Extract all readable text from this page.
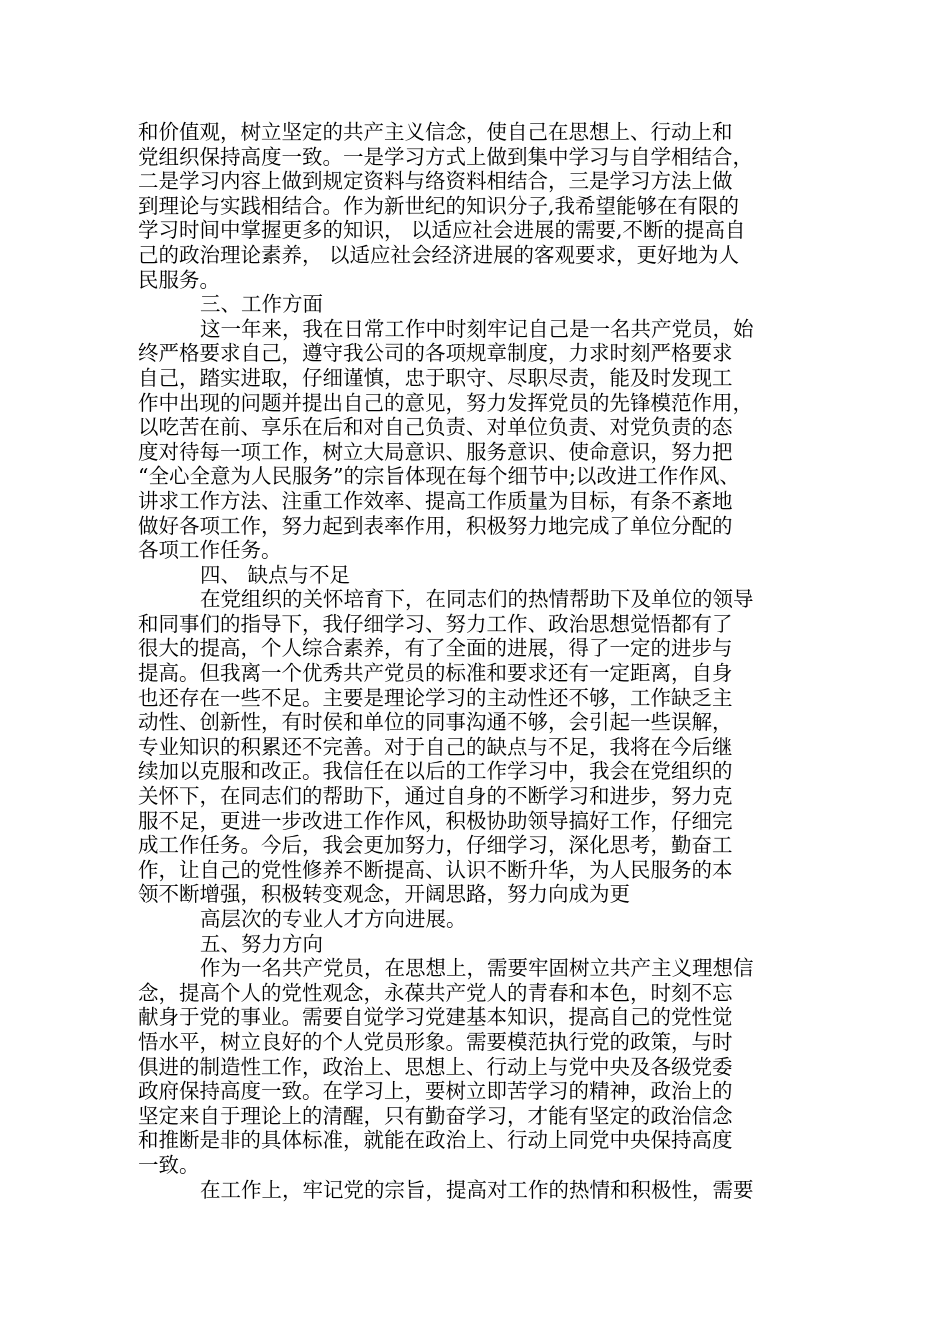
和价值观，树立坚定的共产主义信念，使自己在思想上、行动上和
党组织保持高度一致。一是学习方式上做到集中学习与自学相结合，
二是学习内容上做到规定资料与络资料相结合，三是学习方法上做
到理论与实践相结合。作为新世纪的知识分子,我希望能够在有限的
学习时间中掌握更多的知识， 以适应社会进展的需要,不断的提高自
己的政治理论素养， 以适应社会经济进展的客观要求，更好地为人
民服务。
三、工作方面
这一年来，我在日常工作中时刻牢记自己是一名共产党员，始
终严格要求自己，遵守我公司的各项规章制度，力求时刻严格要求
自己，踏实进取，仔细谨慎，忠于职守、尽职尽责，能及时发现工
作中出现的问题并提出自己的意见，努力发挥党员的先锋模范作用，
以吃苦在前、享乐在后和对自己负责、对单位负责、对党负责的态
度对待每一项工作，树立大局意识、服务意识、使命意识，努力把
“全心全意为人民服务”的宗旨体现在每个细节中;以改进工作作风、
讲求工作方法、注重工作效率、提高工作质量为目标，有条不紊地
做好各项工作，努力起到表率作用，积极努力地完成了单位分配的
各项工作任务。
四、 缺点与不足
在党组织的关怀培育下，在同志们的热情帮助下及单位的领导
和同事们的指导下，我仔细学习、努力工作、政治思想觉悟都有了
很大的提高，个人综合素养，有了全面的进展，得了一定的进步与
提高。但我离一个优秀共产党员的标准和要求还有一定距离，自身
也还存在一些不足。主要是理论学习的主动性还不够，工作缺乏主
动性、创新性，有时侯和单位的同事沟通不够，会引起一些误解，
专业知识的积累还不完善。对于自己的缺点与不足，我将在今后继
续加以克服和改正。我信任在以后的工作学习中，我会在党组织的
关怀下，在同志们的帮助下，通过自身的不断学习和进步，努力克
服不足，更进一步改进工作作风，积极协助领导搞好工作，仔细完
成工作任务。今后，我会更加努力，仔细学习，深化思考，勤奋工
作，让自己的党性修养不断提高、认识不断升华，为人民服务的本
领不断增强，积极转变观念，开阔思路，努力向成为更
高层次的专业人才方向进展。
五、努力方向
作为一名共产党员，在思想上，需要牢固树立共产主义理想信
念，提高个人的党性观念，永葆共产党人的青春和本色，时刻不忘
献身于党的事业。需要自觉学习党建基本知识，提高自己的党性觉
悟水平，树立良好的个人党员形象。需要模范执行党的政策，与时
俱进的制造性工作，政治上、思想上、行动上与党中央及各级党委
政府保持高度一致。在学习上，要树立即苦学习的精神，政治上的
坚定来自于理论上的清醒，只有勤奋学习，才能有坚定的政治信念
和推断是非的具体标准，就能在政治上、行动上同党中央保持高度
一致。
在工作上，牢记党的宗旨，提高对工作的热情和积极性，需要
